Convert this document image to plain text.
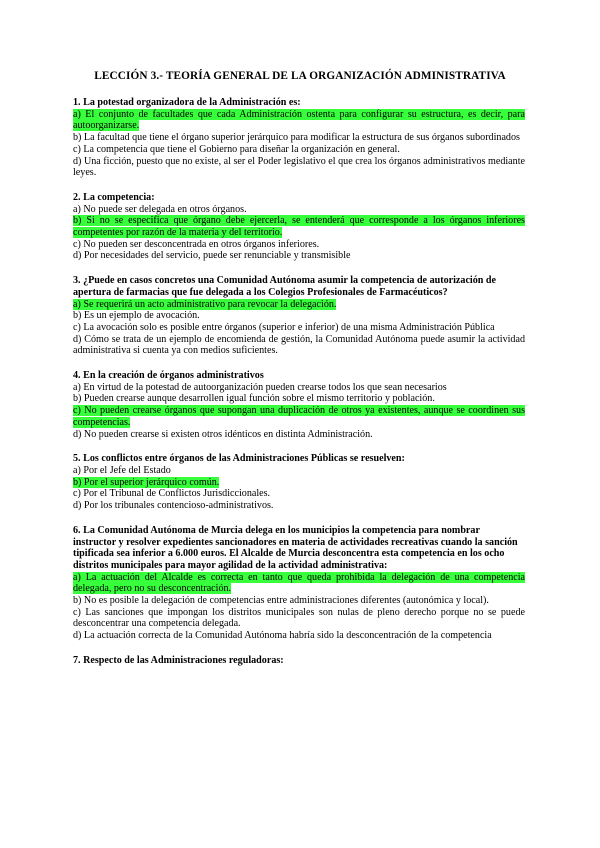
LECCIÓN 3.- TEORÍA GENERAL DE LA ORGANIZACIÓN ADMINISTRATIVA
1. La potestad organizadora de la Administración es:
a) El conjunto de facultades que cada Administración ostenta para configurar su estructura, es decir, para autoorganizarse.
b) La facultad que tiene el órgano superior jerárquico para modificar la estructura de sus órganos subordinados
c) La competencia que tiene el Gobierno para diseñar la organización en general.
d) Una ficción, puesto que no existe, al ser el Poder legislativo el que crea los órganos administrativos mediante leyes.
2. La competencia:
a) No puede ser delegada en otros órganos.
b) Si no se especifica que órgano debe ejercerla, se entenderá que corresponde a los órganos inferiores competentes por razón de la materia y del territorio.
c) No pueden ser desconcentrada en otros órganos inferiores.
d) Por necesidades del servicio, puede ser renunciable y transmisible
3. ¿Puede en casos concretos una Comunidad Autónoma asumir la competencia de autorización de apertura de farmacias que fue delegada a los Colegios Profesionales de Farmacéuticos?
a) Se requerirá un acto administrativo para revocar la delegación.
b) Es un ejemplo de avocación.
c) La avocación solo es posible entre órganos (superior e inferior) de una misma Administración Pública
d) Cómo se trata de un ejemplo de encomienda de gestión, la Comunidad Autónoma puede asumir la actividad administrativa si cuenta ya con medios suficientes.
4. En la creación de órganos administrativos
a) En virtud de la potestad de autoorganización pueden crearse todos los que sean necesarios
b) Pueden crearse aunque desarrollen igual función sobre el mismo territorio y población.
c) No pueden crearse órganos que supongan una duplicación de otros ya existentes, aunque se coordinen sus competencias.
d) No pueden crearse si existen otros idénticos en distinta Administración.
5. Los conflictos entre órganos de las Administraciones Públicas se resuelven:
a) Por el Jefe del Estado
b) Por el superior jerárquico común.
c) Por el Tribunal de Conflictos Jurisdiccionales.
d) Por los tribunales contencioso-administrativos.
6. La Comunidad Autónoma de Murcia delega en los municipios la competencia para nombrar instructor y resolver expedientes sancionadores en materia de actividades recreativas cuando la sanción tipificada sea inferior a 6.000 euros. El Alcalde de Murcia desconcentra esta competencia en los ocho distritos municipales para mayor agilidad de la actividad administrativa:
a) La actuación del Alcalde es correcta en tanto que queda prohibida la delegación de una competencia delegada, pero no su desconcentración.
b) No es posible la delegación de competencias entre administraciones diferentes (autonómica y local).
c) Las sanciones que impongan los distritos municipales son nulas de pleno derecho porque no se puede desconcentrar una competencia delegada.
d) La actuación correcta de la Comunidad Autónoma habría sido la desconcentración de la competencia
7. Respecto de las Administraciones reguladoras:
